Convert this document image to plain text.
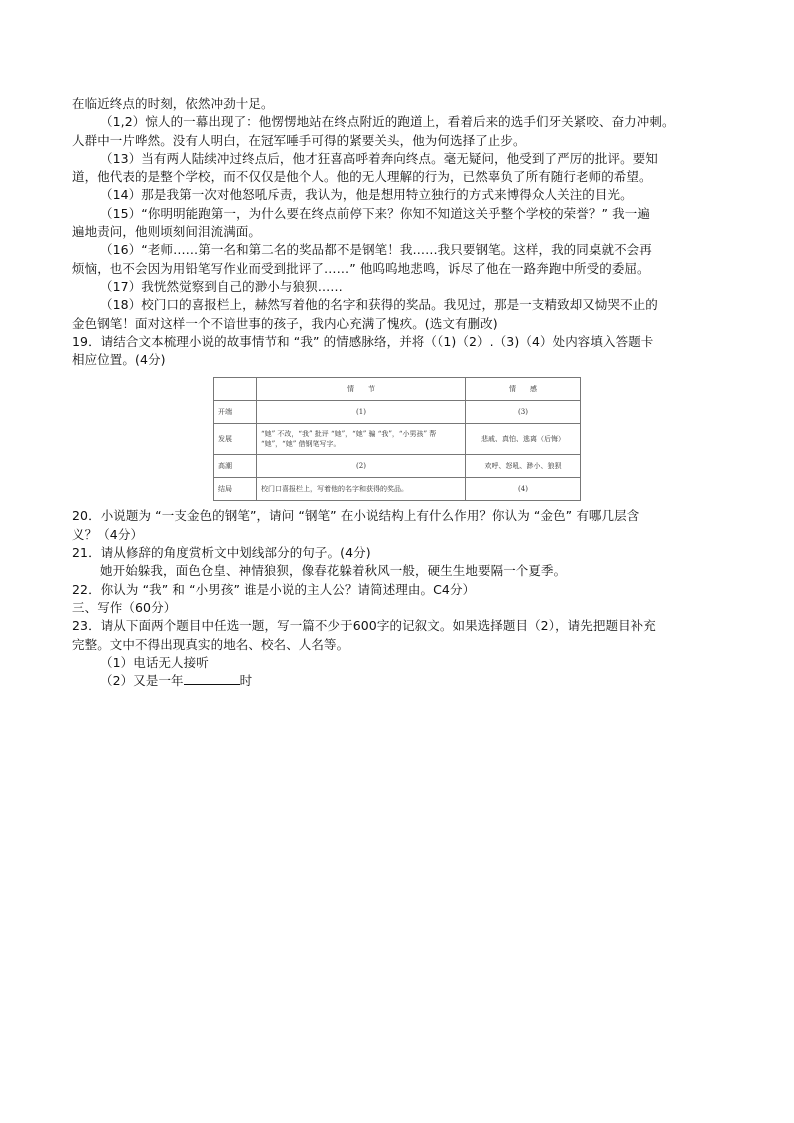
在临近终点的时刻，依然冲劲十足。
（1,2）惊人的一幕出现了：他愣愣地站在终点附近的跑道上，看着后来的选手们牙关紧咬、奋力冲刺。
人群中一片哗然。没有人明白，在冠军唾手可得的紧要关头，他为何选择了止步。
（13）当有两人陆续冲过终点后，他才狂喜高呼着奔向终点。毫无疑问，他受到了严厉的批评。要知
道，他代表的是整个学校，而不仅仅是他个人。他的无人理解的行为，已然辜负了所有随行老师的希望。
（14）那是我第一次对他怒吼斥责，我认为，他是想用特立独行的方式来博得众人关注的目光。
（15）“你明明能跑第一，为什么要在终点前停下来？你知不知道这关乎整个学校的荣誉？” 我一遍
遍地责问，他则顷刻间泪流满面。
（16）“老师……第一名和第二名的奖品都不是钢笔！我……我只要钢笔。这样，我的同桌就不会再
烦恼，也不会因为用铅笔写作业而受到批评了……” 他呜呜地悲鸣，诉尽了他在一路奔跑中所受的委屈。
（17）我恍然觉察到自己的渺小与狼狈……
（18）校门口的喜报栏上，赫然写着他的名字和获得的奖品。我见过，那是一支精致却又恸哭不止的
金色钢笔！面对这样一个不谙世事的孩子，我内心充满了愧疚。(选文有删改)
19．请结合文本梳理小说的故事情节和 “我” 的情感脉络，并将（（1)（2）.（3)（4）处内容填入答题卡
相应位置。(4分)
	情　　节	情　　感
开端	(1)	(3)
发展	“她” 不改，“我” 批评 “她”，“她” 骗 “我”，“小男孩” 帮 “她”，“她” 借钢笔写字。	悲戚、真怕、逃离（后悔）
高潮	(2)	欢呼、怒吼、渺小、狼狈
结局	校门口喜报栏上，写着他的名字和获得的奖品。	(4)
20．小说题为 “一支金色的钢笔”，请问 “钢笔” 在小说结构上有什么作用？你认为 “金色” 有哪几层含
义？（4分）
21．请从修辞的角度赏析文中划线部分的句子。(4分)
她开始躲我，面色仓皇、神情狼狈，像春花躲着秋风一般，硬生生地要隔一个夏季。
22．你认为 “我” 和 “小男孩” 谁是小说的主人公？请简述理由。C4分）
三、写作（60分）
23．请从下面两个题目中任选一题，写一篇不少于600字的记叙文。如果选择题目（2），请先把题目补充
完整。文中不得出现真实的地名、校名、人名等。
（1）电话无人接听
（2）又是一年	时
